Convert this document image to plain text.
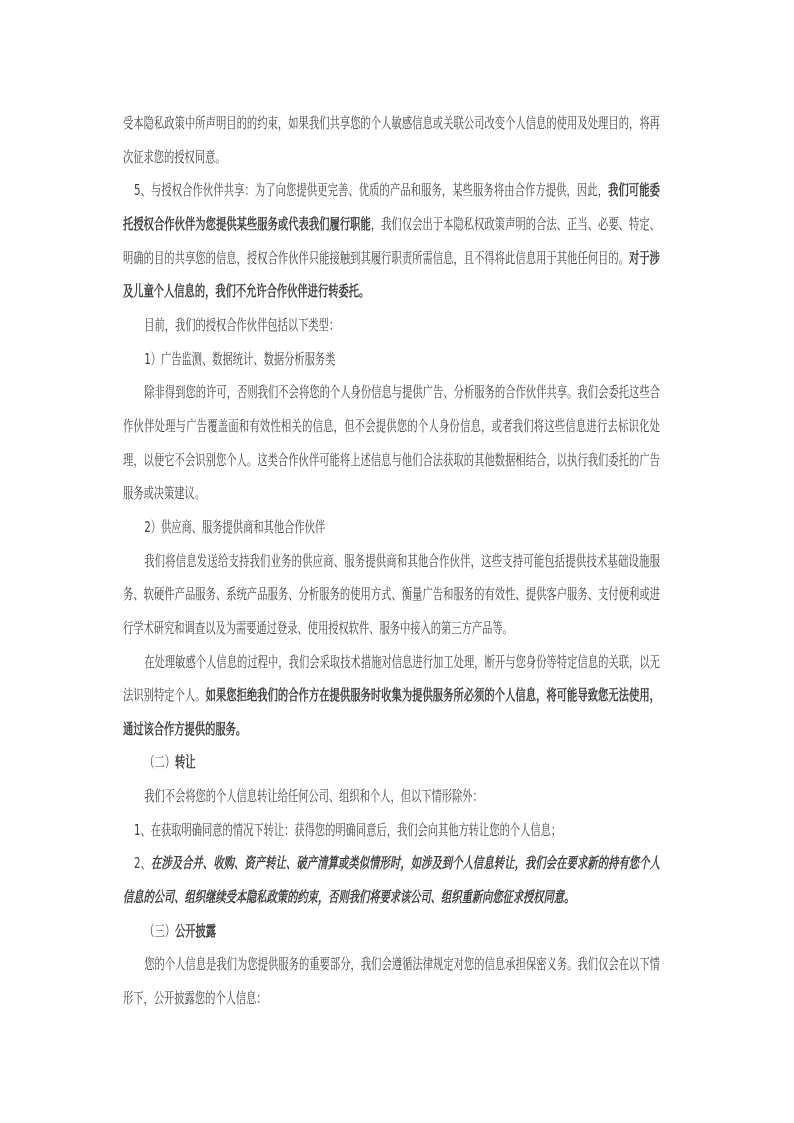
受本隐私政策中所声明目的的约束，如果我们共享您的个人敏感信息或关联公司改变个人信息的使用及处理目的，将再次征求您的授权同意。

5、与授权合作伙伴共享：为了向您提供更完善、优质的产品和服务，某些服务将由合作方提供，因此，我们可能委托授权合作伙伴为您提供某些服务或代表我们履行职能，我们仅会出于本隐私权政策声明的合法、正当、必要、特定、明确的目的共享您的信息，授权合作伙伴只能接触到其履行职责所需信息，且不得将此信息用于其他任何目的。对于涉及儿童个人信息的，我们不允许合作伙伴进行转委托。

目前，我们的授权合作伙伴包括以下类型：

1）广告监测、数据统计、数据分析服务类

除非得到您的许可，否则我们不会将您的个人身份信息与提供广告、分析服务的合作伙伴共享。我们会委托这些合作伙伴处理与广告覆盖面和有效性相关的信息，但不会提供您的个人身份信息，或者我们将这些信息进行去标识化处理，以便它不会识别您个人。这类合作伙伴可能将上述信息与他们合法获取的其他数据相结合，以执行我们委托的广告服务或决策建议。

2）供应商、服务提供商和其他合作伙伴

我们将信息发送给支持我们业务的供应商、服务提供商和其他合作伙伴，这些支持可能包括提供技术基础设施服务、软硬件产品服务、系统产品服务、分析服务的使用方式、衡量广告和服务的有效性、提供客户服务、支付便利或进行学术研究和调查以及为需要通过登录、使用授权软件、服务中接入的第三方产品等。

在处理敏感个人信息的过程中，我们会采取技术措施对信息进行加工处理，断开与您身份等特定信息的关联，以无法识别特定个人。如果您拒绝我们的合作方在提供服务时收集为提供服务所必须的个人信息，将可能导致您无法使用，通过该合作方提供的服务。

（二）转让

我们不会将您的个人信息转让给任何公司、组织和个人，但以下情形除外：

1、在获取明确同意的情况下转让：获得您的明确同意后，我们会向其他方转让您的个人信息；

2、在涉及合并、收购、资产转让、破产清算或类似情形时，如涉及到个人信息转让，我们会在要求新的持有您个人信息的公司、组织继续受本隐私政策的约束，否则我们将要求该公司、组织重新向您征求授权同意。

（三）公开披露

您的个人信息是我们为您提供服务的重要部分，我们会遵循法律规定对您的信息承担保密义务。我们仅会在以下情形下，公开披露您的个人信息：
